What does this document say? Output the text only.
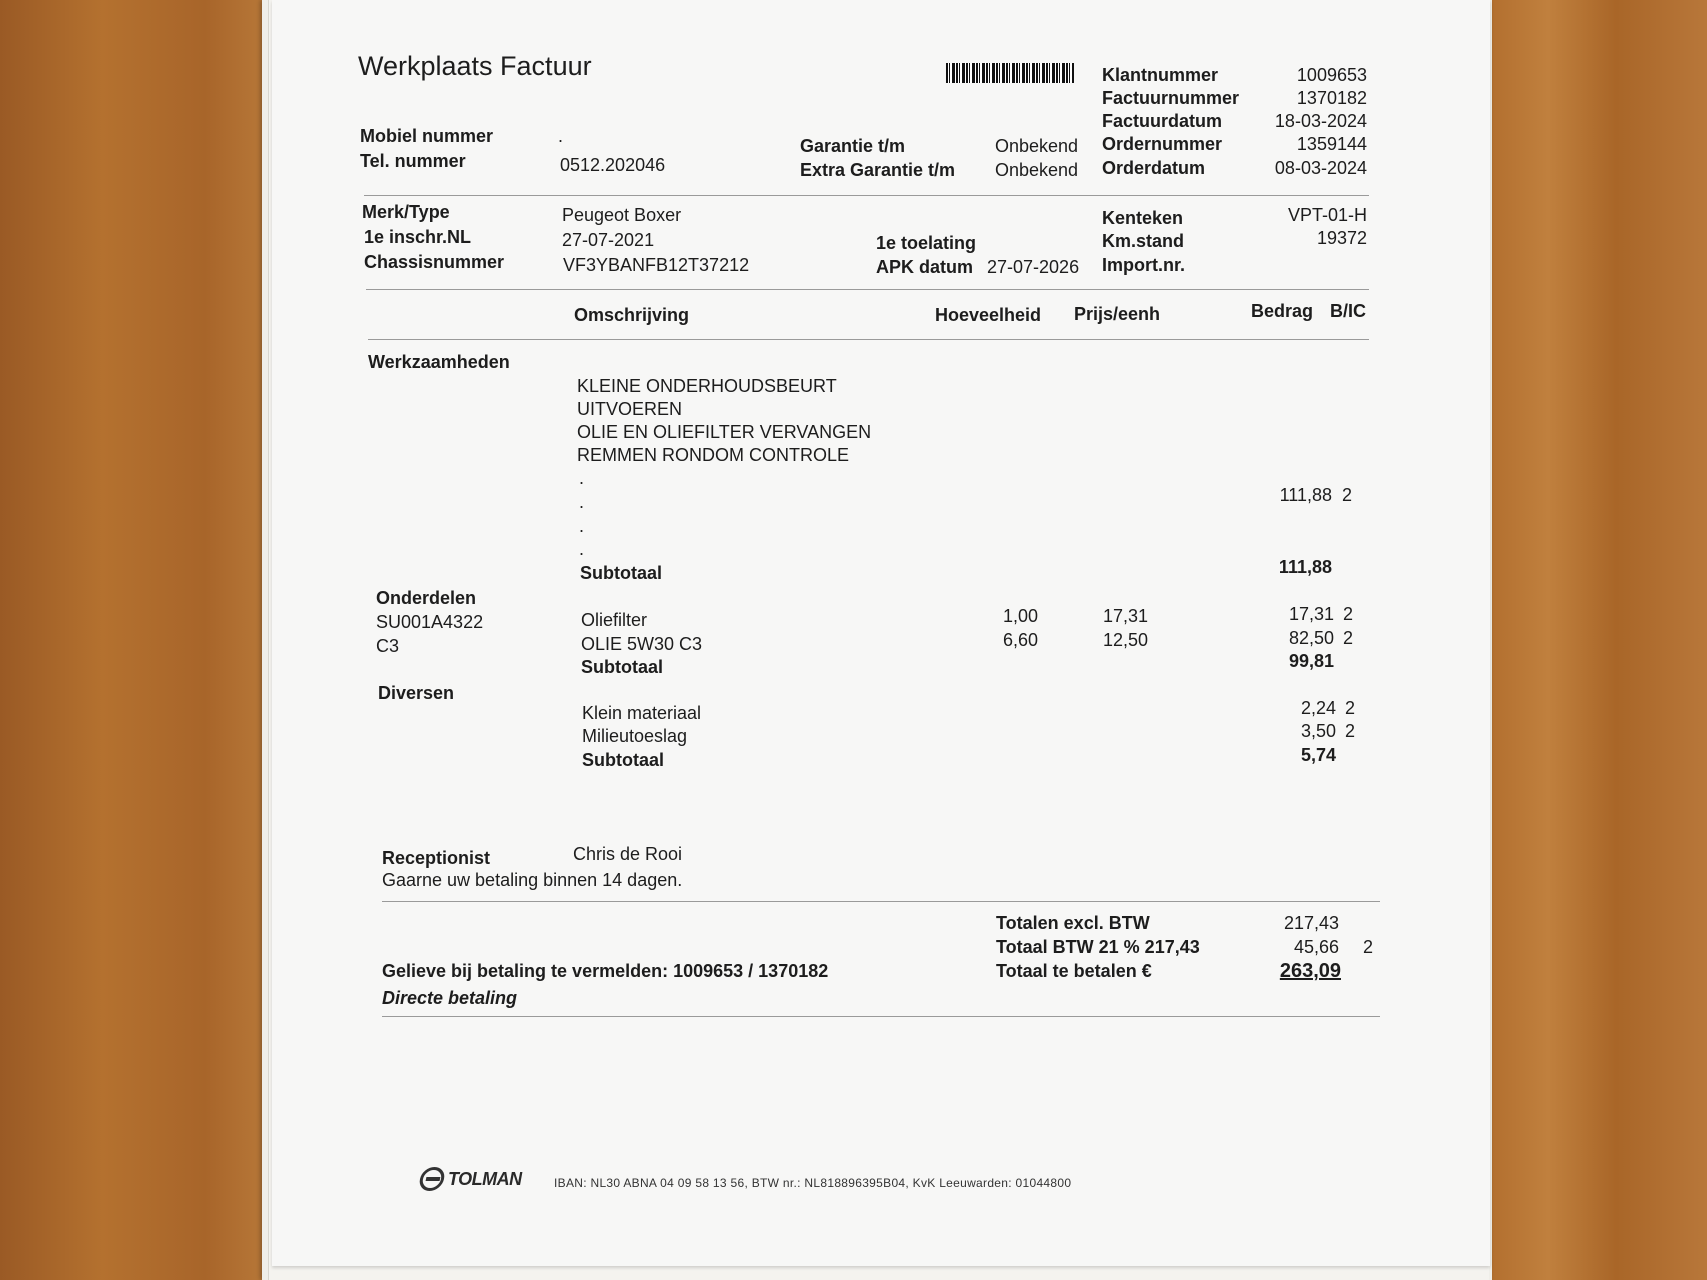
Werkplaats Factuur	Klantnummer	1009653
Factuurnummer	1370182
Factuurdatum	18-03-2024
Ordernummer	1359144
Orderdatum	08-03-2024
Mobiel nummer	.
Tel. nummer	0512.202046
Garantie t/m	Onbekend
Extra Garantie t/m Onbekend
Merk/Type	Peugeot Boxer
1e inschr.NL	27-07-2021
Chassisnummer	VF3YBANFB12T37212
1e toelating
APK datum 27-07-2026
Kenteken	VPT-01-H
Km.stand	19372
Import.nr.
Omschrijving	Hoeveelheid Prijs/eenh	Bedrag B/IC
Werkzaamheden
KLEINE ONDERHOUDSBEURT
UITVOEREN
OLIE EN OLIEFILTER VERVANGEN
REMMEN RONDOM CONTROLE
.
.
.
.
111,88 2
Subtotaal	111,88
Onderdelen
SU001A4322	Oliefilter	1,00	17,31	17,31 2
C3	OLIE 5W30 C3	6,60	12,50	82,50 2
Subtotaal	99,81
Diversen
Klein materiaal	2,24 2
Milieutoeslag	3,50 2
Subtotaal	5,74
Receptionist	Chris de Rooi
Gaarne uw betaling binnen 14 dagen.
Totalen excl. BTW	217,43
Totaal BTW 21 % 217,43	45,66 2
Totaal te betalen €	263,09
Gelieve bij betaling te vermelden: 1009653 / 1370182
Directe betaling
TOLMAN	IBAN: NL30 ABNA 04 09 58 13 56, BTW nr.: NL818896395B04, KvK Leeuwarden: 01044800
